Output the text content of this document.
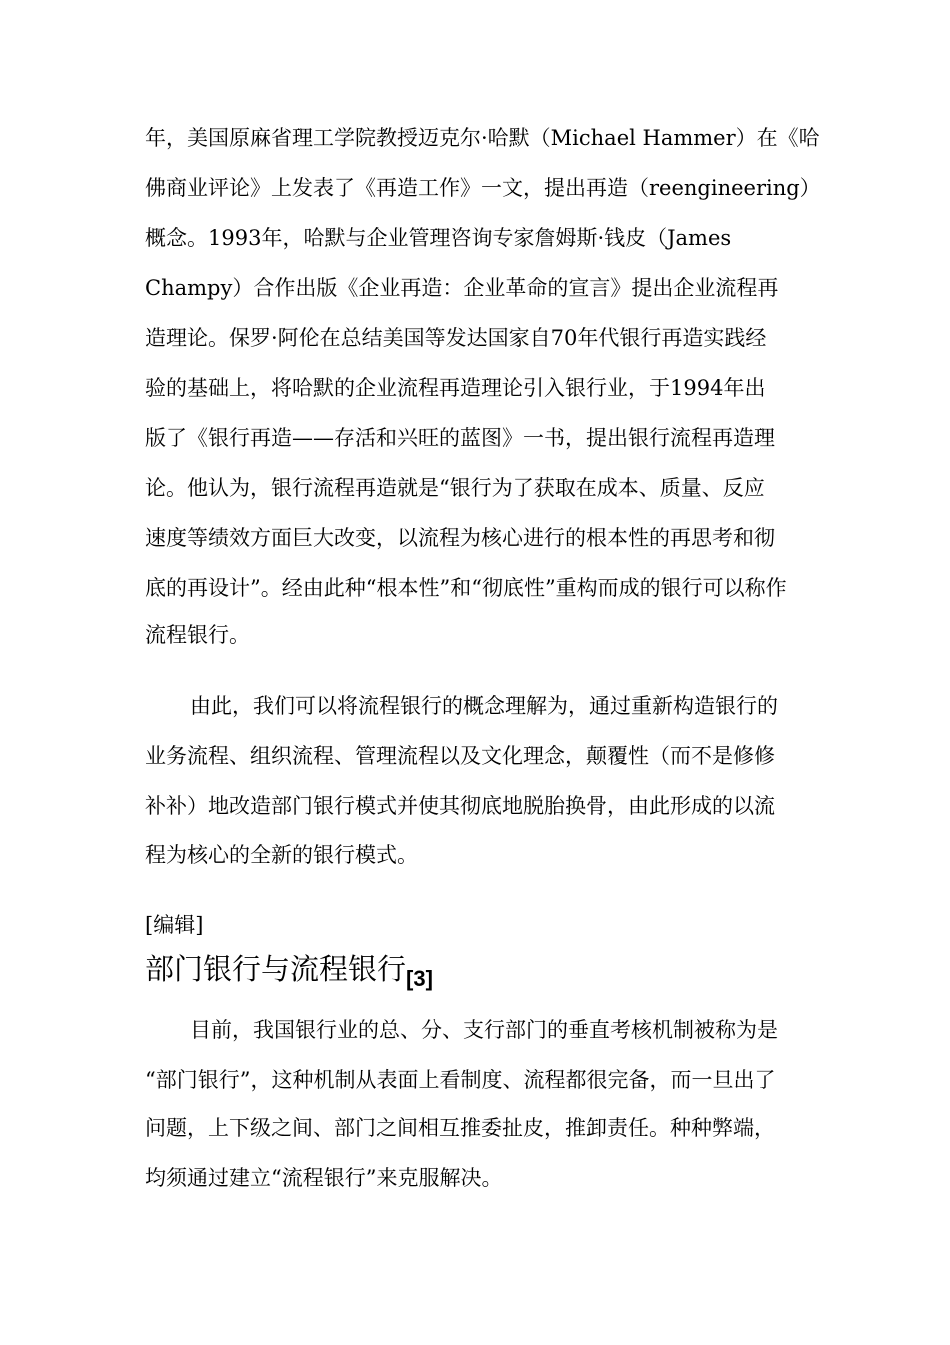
年，美国原麻省理工学院教授迈克尔·哈默（Michael Hammer）在《哈
佛商业评论》上发表了《再造工作》一文，提出再造（reengineering）
概念。1993年，哈默与企业管理咨询专家詹姆斯·钱皮（James
Champy）合作出版《企业再造：企业革命的宣言》提出企业流程再
造理论。保罗·阿伦在总结美国等发达国家自70年代银行再造实践经
验的基础上，将哈默的企业流程再造理论引入银行业，于1994年出
版了《银行再造——存活和兴旺的蓝图》一书，提出银行流程再造理
论。他认为，银行流程再造就是“银行为了获取在成本、质量、反应
速度等绩效方面巨大改变，以流程为核心进行的根本性的再思考和彻
底的再设计”。经由此种“根本性”和“彻底性”重构而成的银行可以称作
流程银行。
由此，我们可以将流程银行的概念理解为，通过重新构造银行的
业务流程、组织流程、管理流程以及文化理念，颠覆性（而不是修修
补补）地改造部门银行模式并使其彻底地脱胎换骨，由此形成的以流
程为核心的全新的银行模式。
[编辑]
部门银行与流程银行$_{[3]}$
目前，我国银行业的总、分、支行部门的垂直考核机制被称为是
“部门银行”，这种机制从表面上看制度、流程都很完备，而一旦出了
问题，上下级之间、部门之间相互推委扯皮，推卸责任。种种弊端，
均须通过建立“流程银行”来克服解决。
